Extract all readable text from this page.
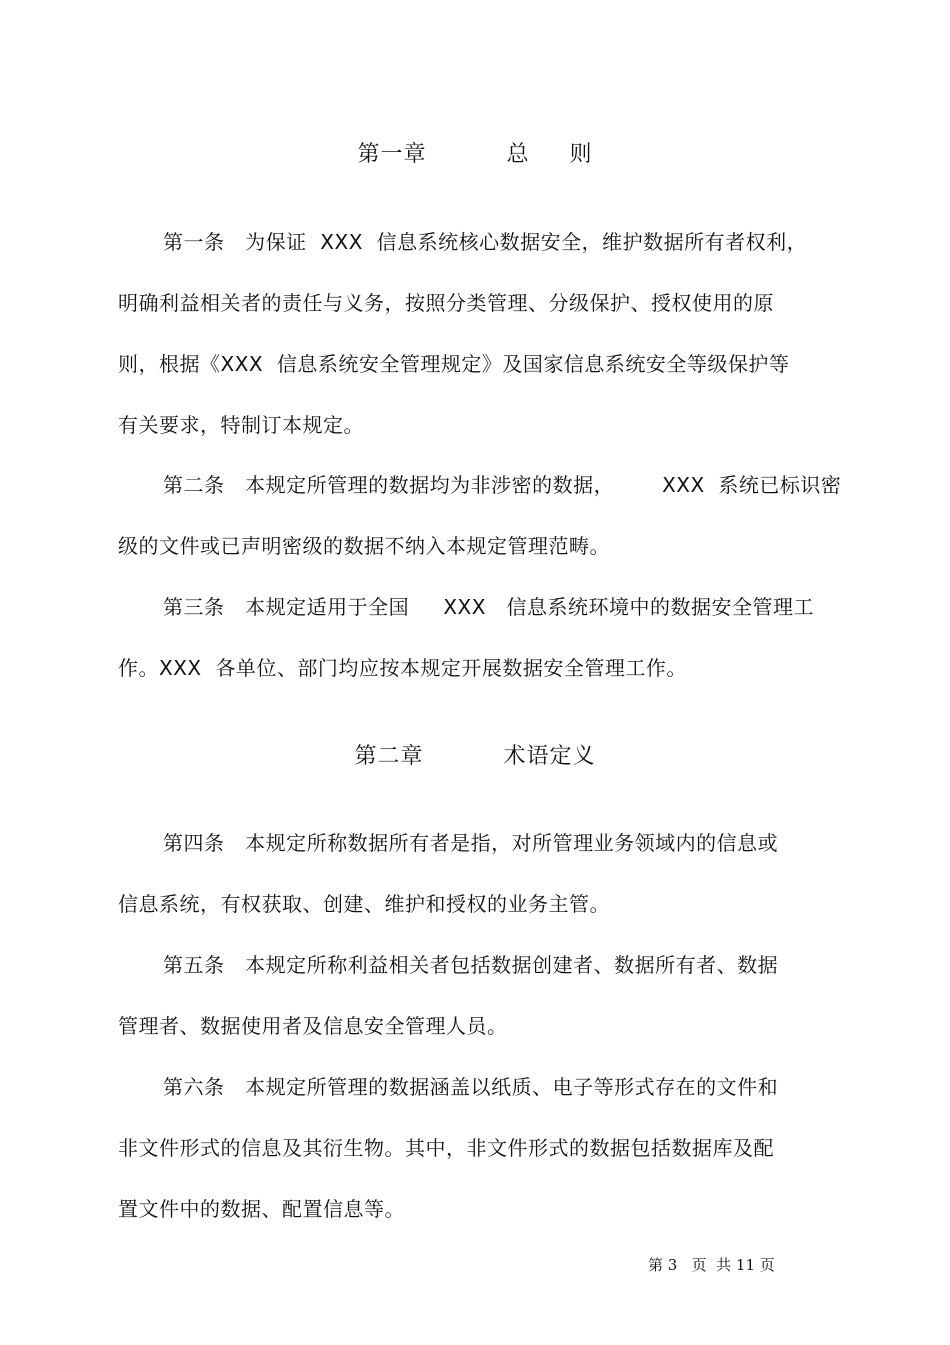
第一章          总     则
第一条   为保证  XXX  信息系统核心数据安全，维护数据所有者权利，
明确利益相关者的责任与义务，按照分类管理、分级保护、授权使用的原
则，根据《XXX  信息系统安全管理规定》及国家信息系统安全等级保护等
有关要求，特制订本规定。
第二条   本规定所管理的数据均为非涉密的数据，       XXX  系统已标识密
级的文件或已声明密级的数据不纳入本规定管理范畴。
第三条   本规定适用于全国     XXX   信息系统环境中的数据安全管理工
作。XXX  各单位、部门均应按本规定开展数据安全管理工作。
第二章          术语定义
第四条   本规定所称数据所有者是指，对所管理业务领域内的信息或
信息系统，有权获取、创建、维护和授权的业务主管。
第五条   本规定所称利益相关者包括数据创建者、数据所有者、数据
管理者、数据使用者及信息安全管理人员。
第六条   本规定所管理的数据涵盖以纸质、电子等形式存在的文件和
非文件形式的信息及其衍生物。其中，非文件形式的数据包括数据库及配
置文件中的数据、配置信息等。
第 3   页  共 11 页
